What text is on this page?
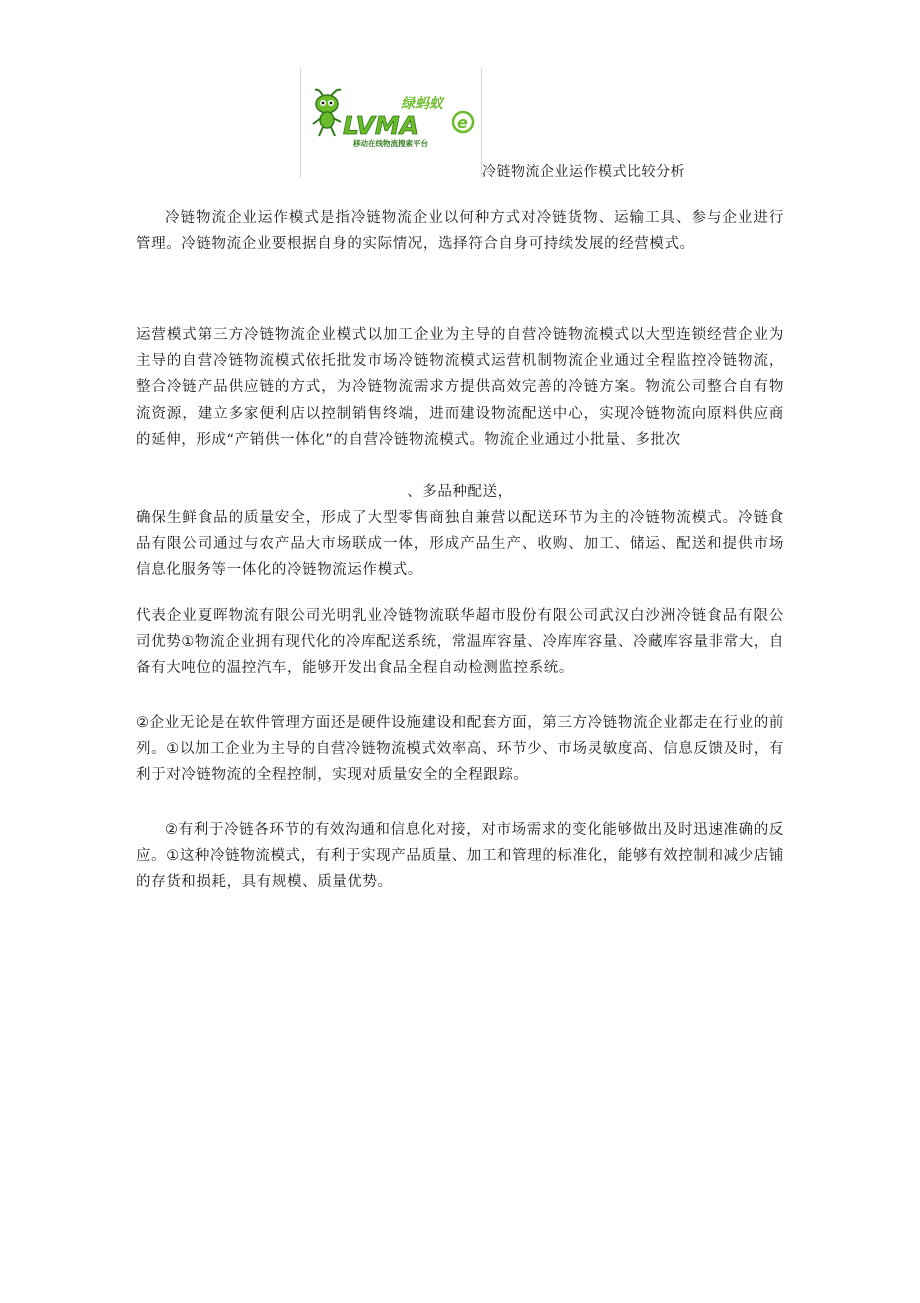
绿蚂蚁
LVMA e
移动在线物流搜索平台
冷链物流企业运作模式比较分析

冷链物流企业运作模式是指冷链物流企业以何种方式对冷链货物、运输工具、参与企业进行管理。冷链物流企业要根据自身的实际情况，选择符合自身可持续发展的经营模式。

运营模式第三方冷链物流企业模式以加工企业为主导的自营冷链物流模式以大型连锁经营企业为主导的自营冷链物流模式依托批发市场冷链物流模式运营机制物流企业通过全程监控冷链物流，整合冷链产品供应链的方式，为冷链物流需求方提供高效完善的冷链方案。物流公司整合自有物流资源，建立多家便利店以控制销售终端，进而建设物流配送中心，实现冷链物流向原料供应商的延伸，形成“产销供一体化”的自营冷链物流模式。物流企业通过小批量、多批次

、多品种配送，

确保生鲜食品的质量安全，形成了大型零售商独自兼营以配送环节为主的冷链物流模式。冷链食品有限公司通过与农产品大市场联成一体，形成产品生产、收购、加工、储运、配送和提供市场信息化服务等一体化的冷链物流运作模式。

代表企业夏晖物流有限公司光明乳业冷链物流联华超市股份有限公司武汉白沙洲冷链食品有限公司优势①物流企业拥有现代化的冷库配送系统，常温库容量、冷库库容量、冷藏库容量非常大，自备有大吨位的温控汽车，能够开发出食品全程自动检测监控系统。

②企业无论是在软件管理方面还是硬件设施建设和配套方面，第三方冷链物流企业都走在行业的前列。①以加工企业为主导的自营冷链物流模式效率高、环节少、市场灵敏度高、信息反馈及时，有利于对冷链物流的全程控制，实现对质量安全的全程跟踪。

②有利于冷链各环节的有效沟通和信息化对接，对市场需求的变化能够做出及时迅速准确的反应。①这种冷链物流模式，有利于实现产品质量、加工和管理的标准化，能够有效控制和减少店铺的存货和损耗，具有规模、质量优势。
